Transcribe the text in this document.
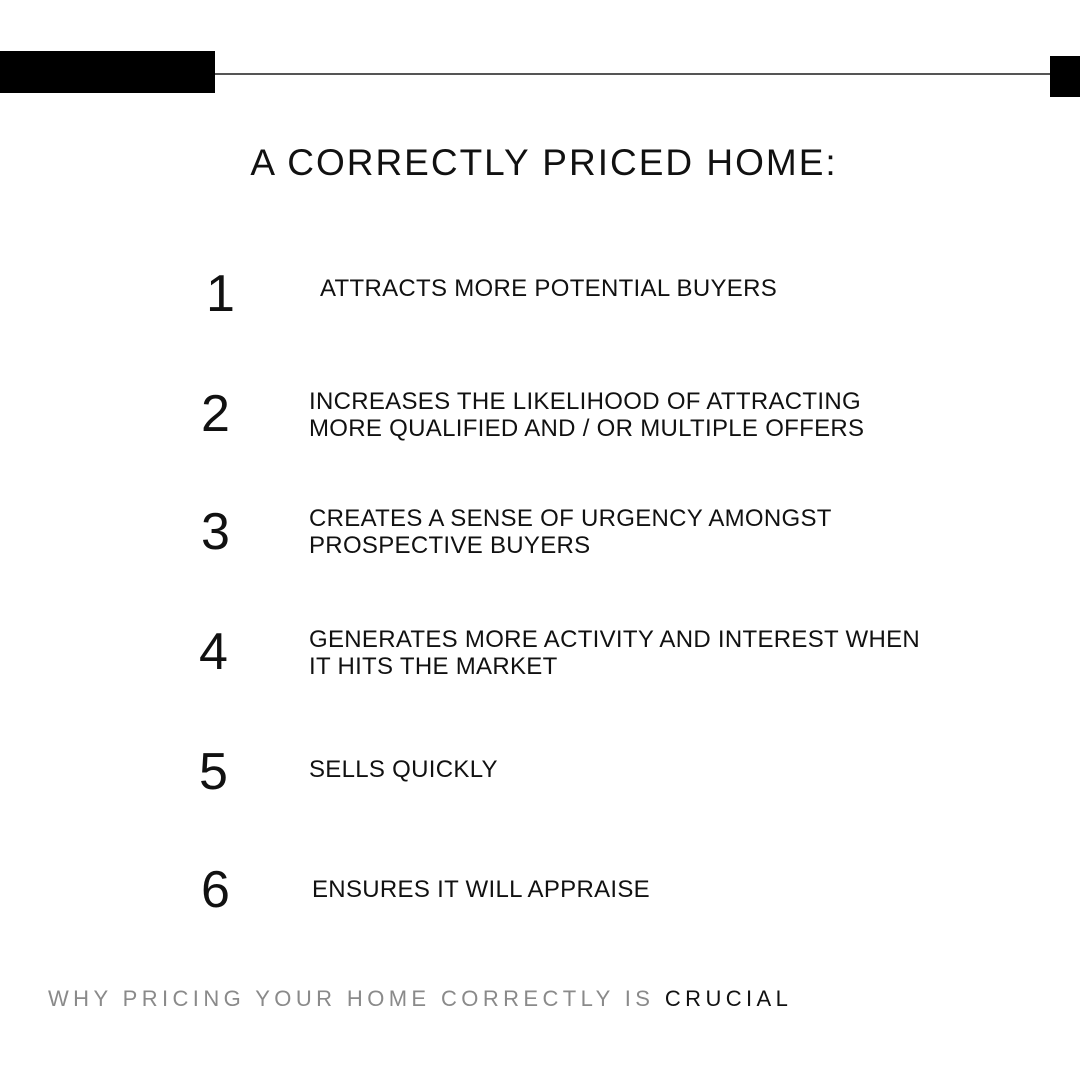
A CORRECTLY PRICED HOME:
1	ATTRACTS MORE POTENTIAL BUYERS
2	INCREASES THE LIKELIHOOD OF ATTRACTING
MORE QUALIFIED AND / OR MULTIPLE OFFERS
3	CREATES A SENSE OF URGENCY AMONGST
PROSPECTIVE BUYERS
4	GENERATES MORE ACTIVITY AND INTEREST WHEN
IT HITS THE MARKET
5	SELLS QUICKLY
6	ENSURES IT WILL APPRAISE
WHY PRICING YOUR HOME CORRECTLY IS CRUCIAL
